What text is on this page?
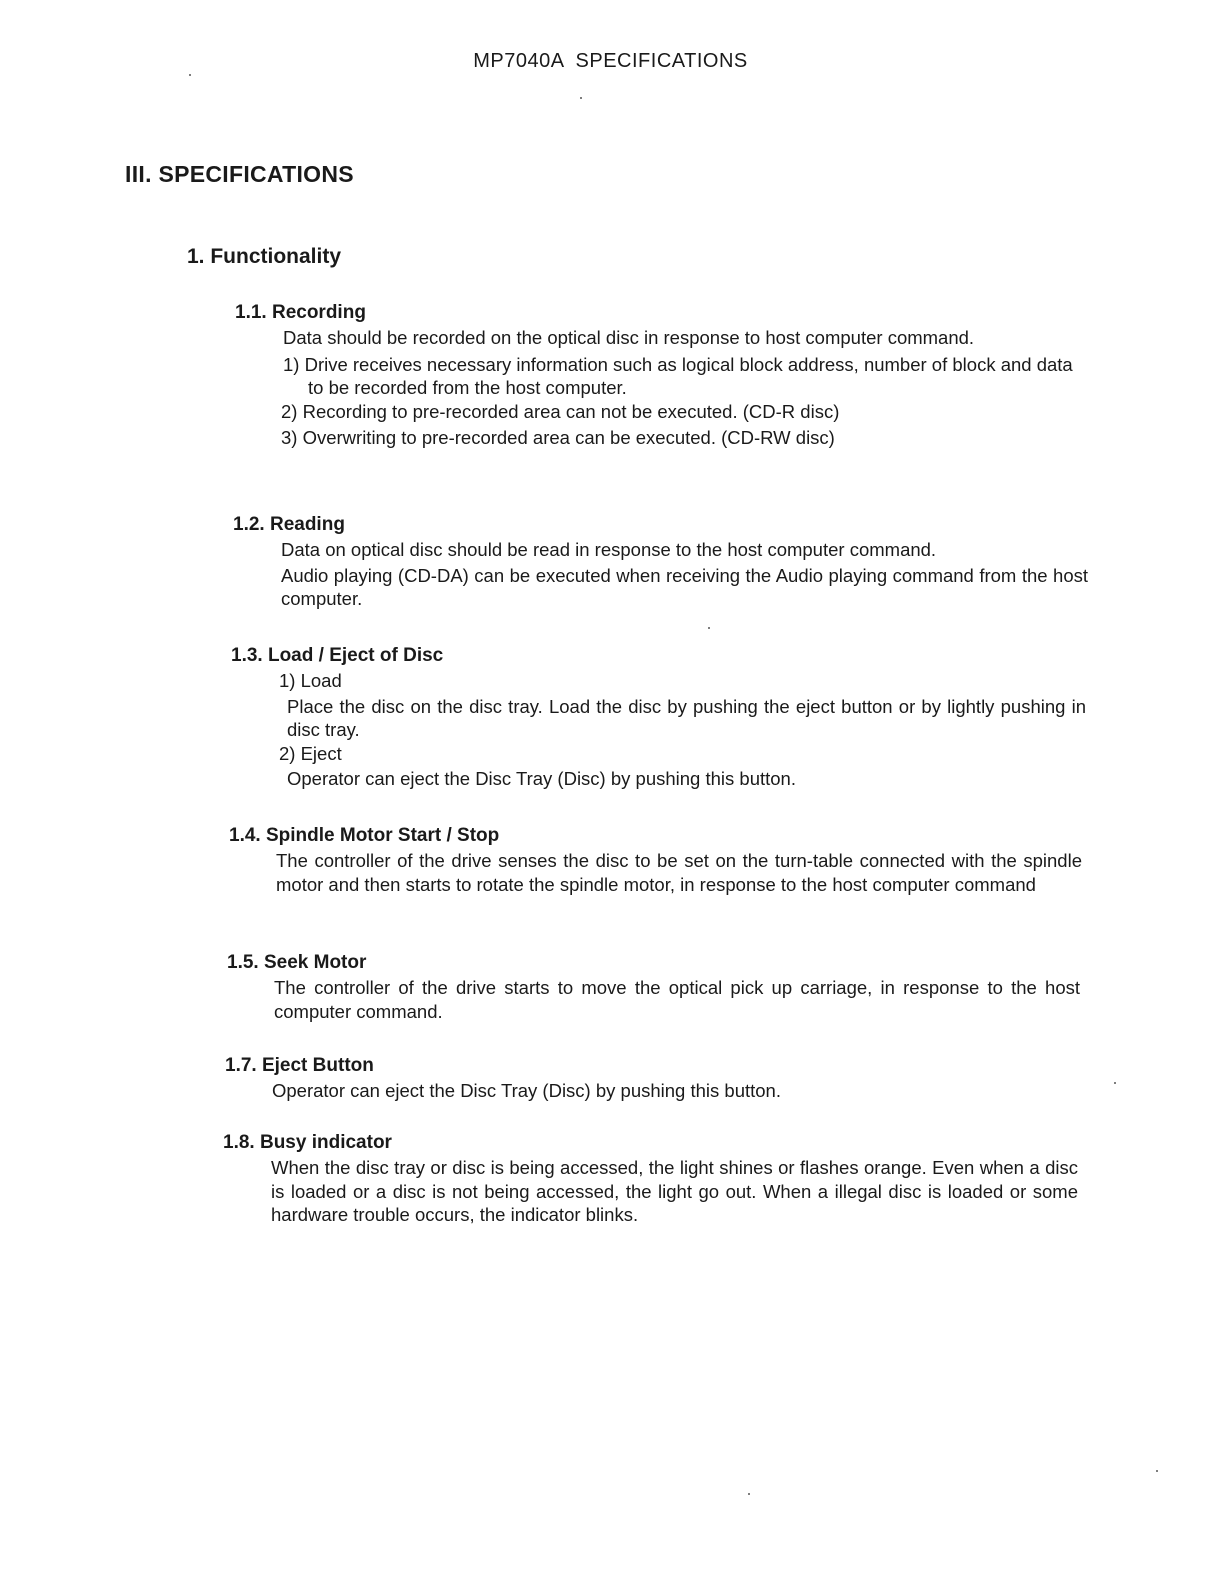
MP7040A SPECIFICATIONS
III. SPECIFICATIONS
1. Functionality

1.1. Recording

Data should be recorded on the optical disc in response to host computer command.

1) Drive receives necessary information such as logical block address, number of block and data to be recorded from the host computer.

2) Recording to pre-recorded area can not be executed. (CD-R disc)

3) Overwriting to pre-recorded area can be executed. (CD-RW disc)

1.2. Reading

Data on optical disc should be read in response to the host computer command.

Audio playing (CD-DA) can be executed when receiving the Audio playing command from the host computer.

1.3. Load / Eject of Disc

1) Load

Place the disc on the disc tray. Load the disc by pushing the eject button or by lightly pushing in disc tray.

2) Eject

Operator can eject the Disc Tray (Disc) by pushing this button.

1.4. Spindle Motor Start / Stop

The controller of the drive senses the disc to be set on the turn-table connected with the spindle motor and then starts to rotate the spindle motor, in response to the host computer command

1.5. Seek Motor

The controller of the drive starts to move the optical pick up carriage, in response to the host computer command.

1.7. Eject Button

Operator can eject the Disc Tray (Disc) by pushing this button.

1.8. Busy indicator

When the disc tray or disc is being accessed, the light shines or flashes orange. Even when a disc is loaded or a disc is not being accessed, the light go out. When a illegal disc is loaded or some hardware trouble occurs, the indicator blinks.
